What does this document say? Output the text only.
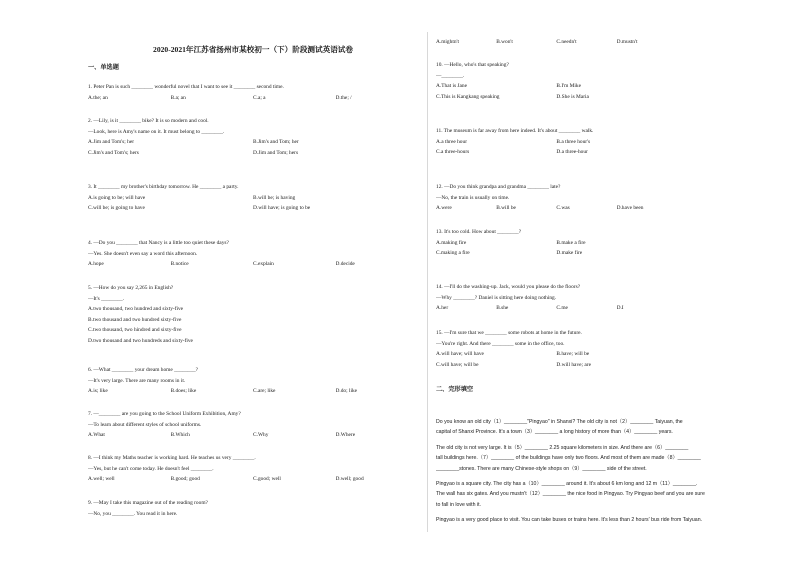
2020-2021年江苏省扬州市某校初一（下）阶段测试英语试卷
一、单选题
1. Peter Pan is such ________ wonderful novel that I want to see it ________ second time.
A.the; an	B.a; an	C.a; a	D.the; /
2. —Lily, is it ________ bike? It is so modern and cool.
—Look, here is Amy's name on it. It must belong to ________.
A.Jim and Tom's; her	B.Jim's and Tom; her
C.Jim's and Tom's; hers	D.Jim and Tom; hers
3. It ________ my brother's birthday tomorrow. He ________ a party.
A.is going to be; will have	B.will be; is having
C.will be; is going to have	D.will have; is going to be
4. —Do you ________ that Nancy is a little too quiet these days?
—Yes. She doesn't even say a word this afternoon.
A.hope	B.notice	C.explain	D.decide
5. —How do you say 2,265 in English?
—It's ________.
A.two thousand, two hundred and sixty-five
B.two thousand and two hundred sixty-five
C.two thousand, two hindred and sixty-five
D.two thousand and two hundreds and sixty-five
6. —What ________ your dream home ________?
—It's very large. There are many rooms in it.
A.is; like	B.does; like	C.are; like	D.do; like
7. —________ are you going to the School Uniform Exhibition, Amy?
—To learn about different styles of school uniforms.
A.What	B.Which	C.Why	D.Where
8. —I think my Maths teacher is working hard. He teaches us very ________.
—Yes, but he can't come today. He doesn't feel ________.
A.well; well	B.good; good	C.good; well	D.well; good
9. —May I take this magazine out of the reading room?
—No, you ________. You read it in here.
A.mightn't	B.won't	C.needn't	D.mustn't
二、完形填空
10. —Hello, who's that speaking?
—________.
A.That is Jane	B.I'm Mike
C.This is Kangkang speaking	D.She is Maria
11. The museum is far away from here indeed. It's about ________ walk.
A.a three hour	B.a three hour's
C.a three-hours	D.a three-hour
12. —Do you think grandpa and grandma ________ late?
—No, the train is usually on time.
A.were	B.will be	C.was	D.have been
13. It's too cold. How about ________?
A.making fire	B.make a fire
C.making a fire	D.make fire
14. —I'll do the washing-up. Jack, would you please do the floors?
—Why ________? Daniel is sitting here doing nothing.
A.her	B.she	C.me	D.I
15. —I'm sure that we ________ some robots at home in the future.
—You're right. And there ________ some in the office, too.
A.will have; will have	B.have; will be
C.will have; will be	D.will have; are
Do you know an old city（1）________"Pingyao" in Shanxi? The old city is not（2）________ Taiyuan, the
capital of Shanxi Province. It's a town（3）________ a long history of more than（4）________ years.
The old city is not very large. It is（5）________ 2.25 square kilometers in size. And there are（6）________
tall buildings here.（7）________ of the buildings have only two floors. And most of them are made（8）________
________stones. There are many Chinese-style shops on（9）________ side of the street.
Pingyao is a square city. The city has a（10）________ around it. It's about 6 km long and 12 m（11）________.
The wall has six gates. And you mustn't（12）________ the nice food in Pingyao. Try Pingyao beef and you are sure
to fall in love with it.
Pingyao is a very good place to visit. You can take buses or trains here. It's less than 2 hours' bus ride from Taiyuan.
